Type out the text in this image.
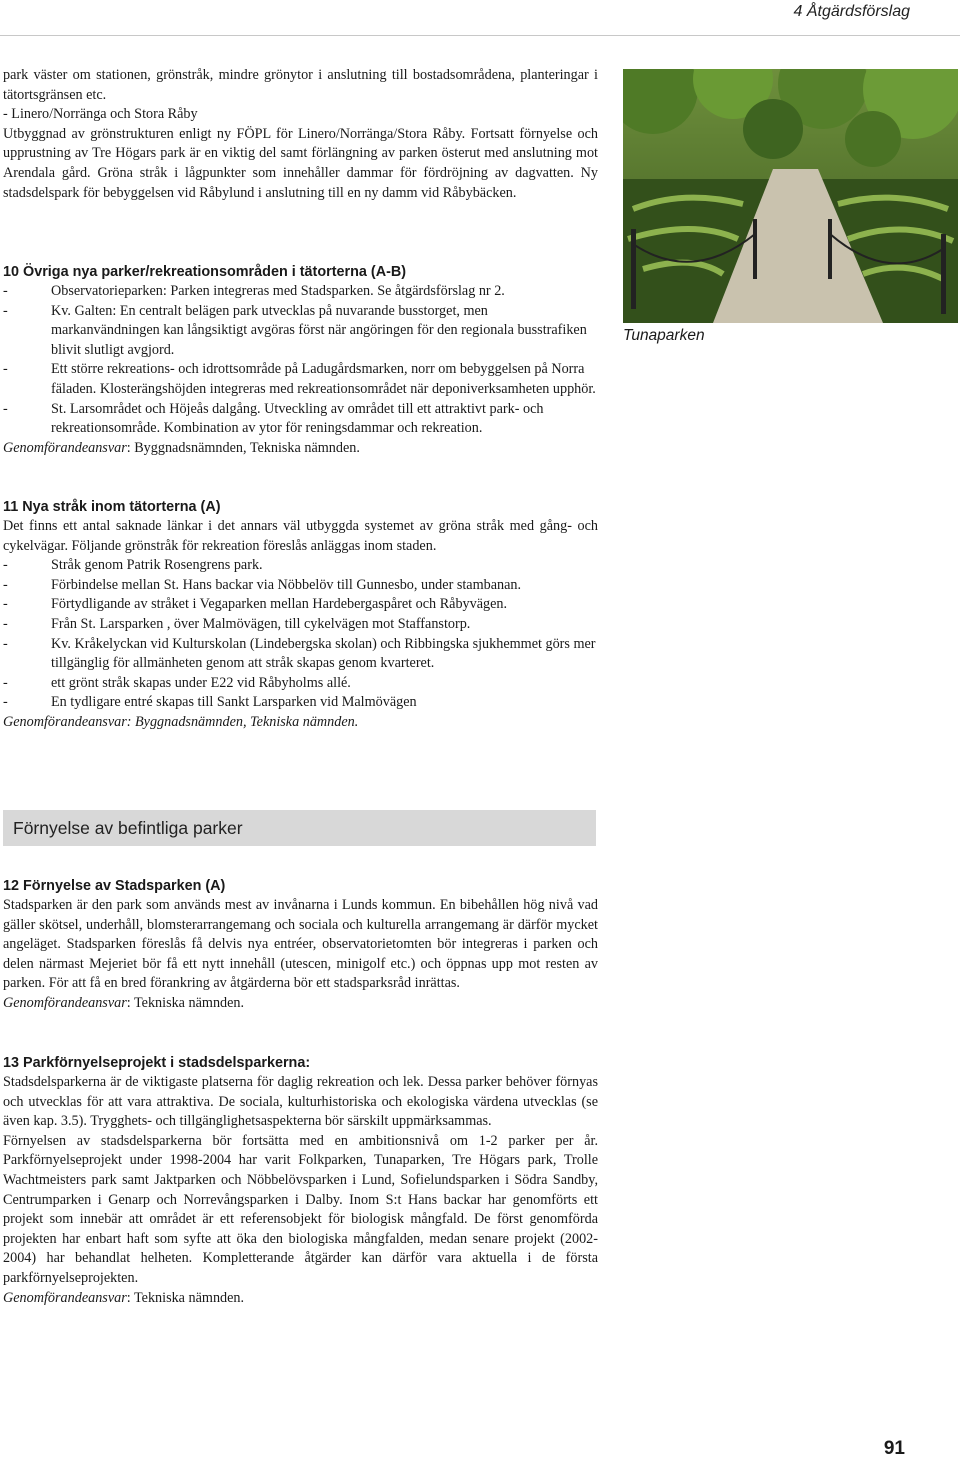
4 Åtgärdsförslag

park väster om stationen, grönstråk, mindre grönytor i anslutning till bostadsområdena, planteringar i tätortsgränsen etc.

- Linero/Norränga och Stora Råby

Utbyggnad av grönstrukturen enligt ny FÖPL för Linero/Norränga/Stora Råby. Fortsatt förnyelse och upprustning av Tre Högars park är en viktig del samt förlängning av parken österut med anslutning mot Arendala gård. Gröna stråk i lågpunkter som innehåller dammar för fördröjning av dagvatten. Ny stadsdelspark för bebyggelsen vid Råbylund i anslutning till en ny damm vid Råbybäcken.

10 Övriga nya parker/rekreationsområden i tätorterna (A-B)
-	Observatorieparken: Parken integreras med Stadsparken. Se åtgärdsförslag nr 2.
-	Kv. Galten: En centralt belägen park utvecklas på nuvarande busstorget, men markanvändningen kan långsiktigt avgöras först när angöringen för den regionala busstrafiken blivit slutligt avgjord.
-	Ett större rekreations- och idrottsområde på Ladugårdsmarken, norr om bebyggelsen på Norra fäladen. Klosterängshöjden integreras med rekreationsområdet när deponiverksamheten upphör.
-	St. Larsområdet och Höjeås dalgång. Utveckling av området till ett attraktivt park- och rekreationsområde. Kombination av ytor för reningsdammar och rekreation.

Genomförandeansvar: Byggnadsnämnden, Tekniska nämnden.

Tunaparken
11 Nya stråk inom tätorterna (A)

Det finns ett antal saknade länkar i det annars väl utbyggda systemet av gröna stråk med gång- och cykelvägar. Följande grönstråk för rekreation föreslås anläggas inom staden.

-	Stråk genom Patrik Rosengrens park.
-	Förbindelse mellan St. Hans backar via Nöbbelöv till Gunnesbo, under stambanan.
-	Förtydligande av stråket i Vegaparken mellan Hardebergaspåret och Råbyvägen.
-	Från St. Larsparken , över Malmövägen, till cykelvägen mot Staffanstorp.
-	Kv. Kråkelyckan vid Kulturskolan (Lindebergska skolan) och Ribbingska sjukhemmet görs mer tillgänglig för allmänheten genom att stråk skapas genom kvarteret.
-	ett grönt stråk skapas under E22 vid Råbyholms allé.
-	En tydligare entré skapas till Sankt Larsparken vid Malmövägen

Genomförandeansvar: Byggnadsnämnden, Tekniska nämnden.

Förnyelse av befintliga parker
12 Förnyelse av Stadsparken (A)

Stadsparken är den park som används mest av invånarna i Lunds kommun. En bibehållen hög nivå vad gäller skötsel, underhåll, blomsterarrangemang och sociala och kulturella arrangemang är därför mycket angeläget. Stadsparken föreslås få delvis nya entréer, observatorietomten bör integreras i parken och delen närmast Mejeriet bör få ett nytt innehåll (utescen, minigolf etc.) och öppnas upp mot resten av parken. För att få en bred förankring av åtgärderna bör ett stadsparksråd inrättas.

Genomförandeansvar: Tekniska nämnden.

13 Parkförnyelseprojekt i stadsdelsparkerna:

Stadsdelsparkerna är de viktigaste platserna för daglig rekreation och lek. Dessa parker behöver förnyas och utvecklas för att vara attraktiva. De sociala, kulturhistoriska och ekologiska värdena utvecklas (se även kap. 3.5). Trygghets- och tillgänglighetsaspekterna bör särskilt uppmärksammas.

Förnyelsen av stadsdelsparkerna bör fortsätta med en ambitionsnivå om 1-2 parker per år. Parkförnyelseprojekt under 1998-2004 har varit Folkparken, Tunaparken, Tre Högars park, Trolle Wachtmeisters park samt Jaktparken och Nöbbelövsparken i Lund, Sofielundsparken i Södra Sandby, Centrumparken i Genarp och Norrevångsparken i Dalby. Inom S:t Hans backar har genomförts ett projekt som innebär att området är ett referensobjekt för biologisk mångfald. De först genomförda projekten har enbart haft som syfte att öka den biologiska mångfalden, medan senare projekt (2002-2004) har behandlat helheten. Kompletterande åtgärder kan därför vara aktuella i de första parkförnyelseprojekten.

Genomförandeansvar: Tekniska nämnden.

91
